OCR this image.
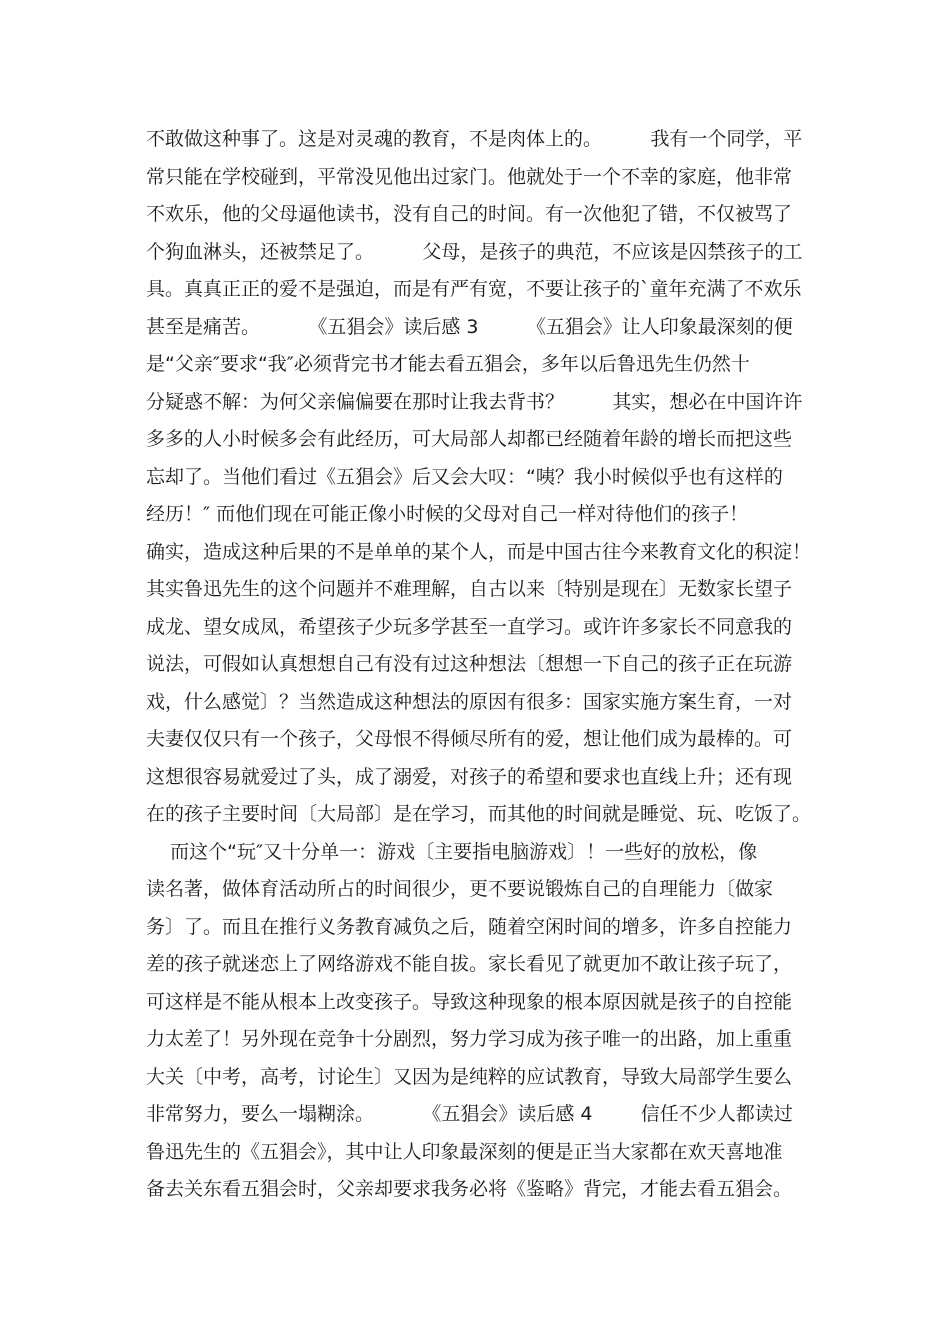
不敢做这种事了。这是对灵魂的教育，不是肉体上的。        我有一个同学，平
常只能在学校碰到，平常没见他出过家门。他就处于一个不幸的家庭，他非常
不欢乐，他的父母逼他读书，没有自己的时间。有一次他犯了错，不仅被骂了
个狗血淋头，还被禁足了。        父母，是孩子的典范，不应该是囚禁孩子的工
具。真真正正的爱不是强迫，而是有严有宽，不要让孩子的`童年充满了不欢乐
甚至是痛苦。        《五猖会》读后感 3        《五猖会》让人印象最深刻的便
是“父亲″要求“我″必须背完书才能去看五猖会，多年以后鲁迅先生仍然十
分疑惑不解：为何父亲偏偏要在那时让我去背书？        其实，想必在中国许许
多多的人小时候多会有此经历，可大局部人却都已经随着年龄的增长而把这些
忘却了。当他们看过《五猖会》后又会大叹：“咦？我小时候似乎也有这样的
经历！″ 而他们现在可能正像小时候的父母对自己一样对待他们的孩子！
确实，造成这种后果的不是单单的某个人，而是中国古往今来教育文化的积淀！
其实鲁迅先生的这个问题并不难理解，自古以来〔特别是现在〕无数家长望子
成龙、望女成凤，希望孩子少玩多学甚至一直学习。或许许多家长不同意我的
说法，可假如认真想想自己有没有过这种想法〔想想一下自己的孩子正在玩游
戏，什么感觉〕？当然造成这种想法的原因有很多：国家实施方案生育，一对
夫妻仅仅只有一个孩子，父母恨不得倾尽所有的爱，想让他们成为最棒的。可
这想很容易就爱过了头，成了溺爱，对孩子的希望和要求也直线上升；还有现
在的孩子主要时间〔大局部〕是在学习，而其他的时间就是睡觉、玩、吃饭了。
而这个“玩″又十分单一：游戏〔主要指电脑游戏〕！一些好的放松，像
读名著，做体育活动所占的时间很少，更不要说锻炼自己的自理能力〔做家
务〕了。而且在推行义务教育减负之后，随着空闲时间的增多，许多自控能力
差的孩子就迷恋上了网络游戏不能自拔。家长看见了就更加不敢让孩子玩了，
可这样是不能从根本上改变孩子。导致这种现象的根本原因就是孩子的自控能
力太差了！另外现在竞争十分剧烈，努力学习成为孩子唯一的出路，加上重重
大关〔中考，高考，讨论生〕又因为是纯粹的应试教育，导致大局部学生要么
非常努力，要么一塌糊涂。        《五猖会》读后感 4        信任不少人都读过
鲁迅先生的《五猖会》，其中让人印象最深刻的便是正当大家都在欢天喜地准
备去关东看五猖会时，父亲却要求我务必将《鉴略》背完，才能去看五猖会。
